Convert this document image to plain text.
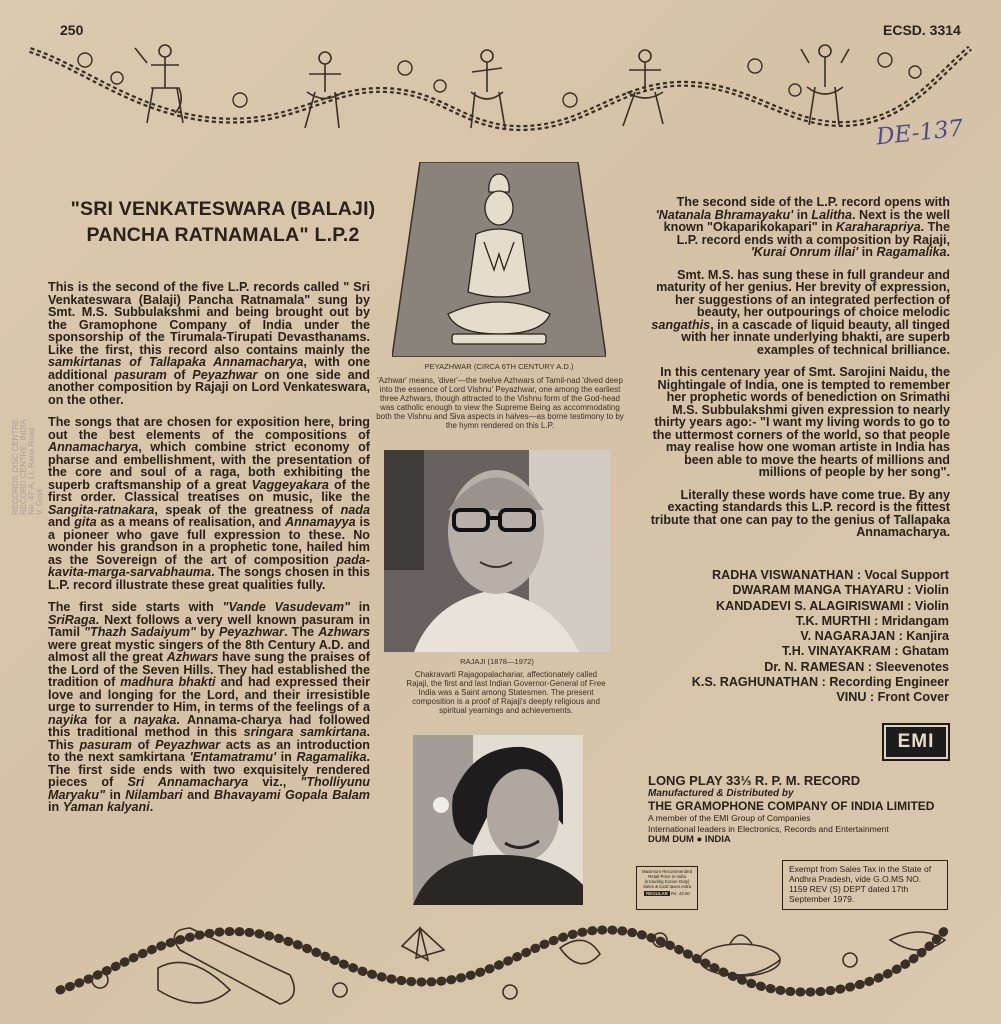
250	ECSD. 3314
DE-137
"SRI VENKATESWARA (BALAJI)
PANCHA RATNAMALA" L.P.2

This is the second of the five L.P. records called " Sri Venkateswara (Balaji) Pancha Ratnamala" sung by Smt. M.S. Subbulakshmi and being brought out by the Gramophone Company of India under the sponsorship of the Tirumala-Tirupati Devasthanams. Like the first, this record also contains mainly the samkirtanas of Tallapaka Annamacharya, with one additional pasuram of Peyazhwar on one side and another composition by Rajaji on Lord Venkateswara, on the other.

The songs that are chosen for exposition here, bring out the best elements of the compositions of Annamacharya, which combine strict economy of pharse and embellishment, with the presentation of the core and soul of a raga, both exhibiting the superb craftsmanship of a great Vaggeyakara of the first order. Classical treatises on music, like the Sangita-ratnakara, speak of the greatness of nada and gita as a means of realisation, and Annamayya is a pioneer who gave full expression to these. No wonder his grandson in a prophetic tone, hailed him as the Sovereign of the art of composition pada-kavita-marga-sarvabhauma. The songs chosen in this L.P. record illustrate these great qualities fully.

The first side starts with "Vande Vasudevam" in SriRaga. Next follows a very well known pasuram in Tamil "Thazh Sadaiyum" by Peyazhwar. The Azhwars were great mystic singers of the 8th Century A.D. and almost all the great Azhwars have sung the praises of the Lord of the Seven Hills. They had established the tradition of madhura bhakti and had expressed their love and longing for the Lord, and their irresistible urge to surrender to Him, in terms of the feelings of a nayika for a nayaka. Annama-charya had followed this traditional method in this sringara samkirtana. This pasuram of Peyazhwar acts as an introduction to the next samkirtana 'Entamatramu' in Ragamalika. The first side ends with two exquisitely rendered pieces of Sri Annamacharya viz., "Tholliyunu Maryaku" in Nilambari and Bhavayami Gopala Balam in Yaman kalyani.

PEYAZHWAR (CIRCA 6TH CENTURY A.D.)
'Azhwar' means, 'diver'—the twelve Azhwars of Tamil-nad 'dived deep into the essence of Lord Vishnu' Peyazhwar, one among the earliest three Azhwars, though attracted to the Vishnu form of the God-head was catholic enough to view the Supreme Being as accommodating both the Vishnu and Siva aspects in halves—as borne testimony to by the hymn rendered on this L.P.
RAJAJI (1878—1972)
Chakravarti Rajagopalachariar, affectionately called Rajaji, the first and last Indian Governor-General of Free India was a Saint among Statesmen. The present composition is a proof of Rajaji's deeply religious and spiritual yearnings and achievements.

The second side of the L.P. record opens with 'Natanala Bhramayaku' in Lalitha. Next is the well known "Okaparikokapari" in Karaharapriya. The L.P. record ends with a composition by Rajaji, 'Kurai Onrum illai' in Ragamalika.

Smt. M.S. has sung these in full grandeur and maturity of her genius. Her brevity of expression, her suggestions of an integrated perfection of beauty, her outpourings of choice melodic sangathis, in a cascade of liquid beauty, all tinged with her innate underlying bhakti, are superb examples of technical brilliance.

In this centenary year of Smt. Sarojini Naidu, the Nightingale of India, one is tempted to remember her prophetic words of benediction on Srimathi M.S. Subbulakshmi given expression to nearly thirty years ago:- "I want my living words to go to the uttermost corners of the world, so that people may realise how one woman artiste in India has been able to move the hearts of millions and millions of people by her song".

Literally these words have come true. By any exacting standards this L.P. record is the fittest tribute that one can pay to the genius of Tallapaka Annamacharya.

RADHA VISWANATHAN : Vocal Support
DWARAM MANGA THAYARU : Violin
KANDADEVI S. ALAGIRISWAMI : Violin
T.K. MURTHI : Mridangam
V. NAGARAJAN : Kanjira
T.H. VINAYAKRAM : Ghatam
Dr. N. RAMESAN : Sleevenotes
K.S. RAGHUNATHAN : Recording Engineer
VINU : Front Cover
EMI
LONG PLAY 33⅓ R. P. M. RECORD
Manufactured & Distributed by
THE GRAMOPHONE COMPANY OF INDIA LIMITED
A member of the EMI Group of Companies
International leaders in Electronics, Records and Entertainment
DUM DUM ● INDIA
Maximum Recommended
Retail Price in India
(Including Excise Duty)
Sales & local taxes extra
REGULAR Rs. 42.50
Exempt from Sales Tax in the State of Andhra Pradesh, vide G.O.MS NO. 1159 REV (S) DEPT dated 17th September 1979.
RECORDS DISC CENTRE RECORD CENTRE, INDIA No. 47-A, Lt. Rana Road V. Gopi
